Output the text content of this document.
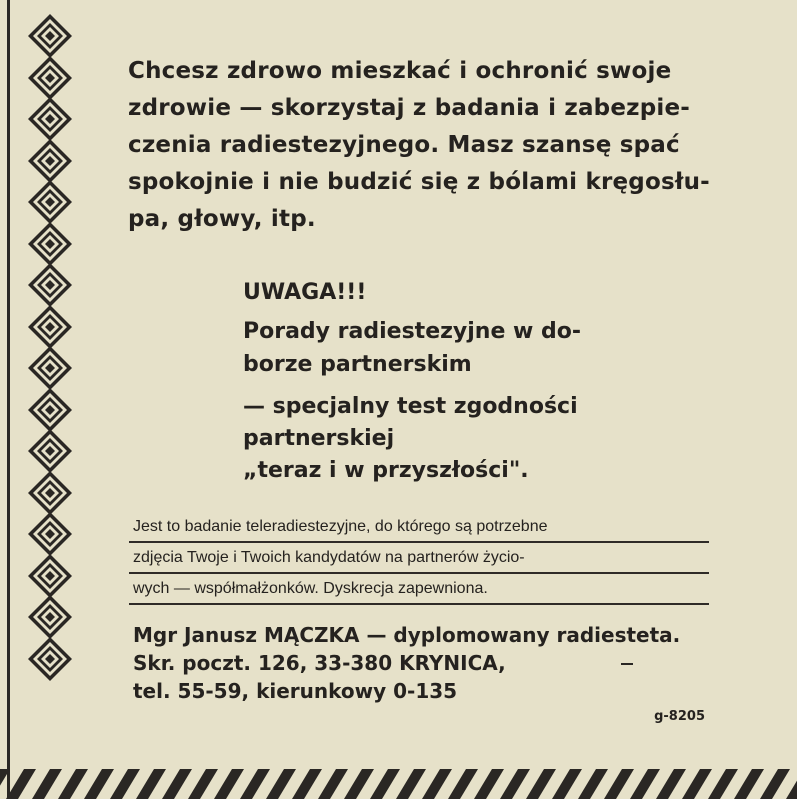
Chcesz zdrowo mieszkać i ochronić swoje

zdrowie — skorzystaj z badania i zabezpie-

czenia radiestezyjnego. Masz szansę spać

spokojnie i nie budzić się z bólami kręgosłu-

pa, głowy, itp.

UWAGA!!!

Porady radiestezyjne w do-

borze partnerskim

— specjalny test zgodności

partnerskiej

„teraz i w przyszłości".

Jest to badanie teleradiestezyjne, do którego są potrzebne

zdjęcia Twoje i Twoich kandydatów na partnerów życio-

wych — współmałżonków. Dyskrecja zapewniona.

Mgr Janusz MĄCZKA — dyplomowany radiesteta.

Skr. poczt. 126, 33-380 KRYNICA,

tel. 55-59, kierunkowy 0-135

g-8205
